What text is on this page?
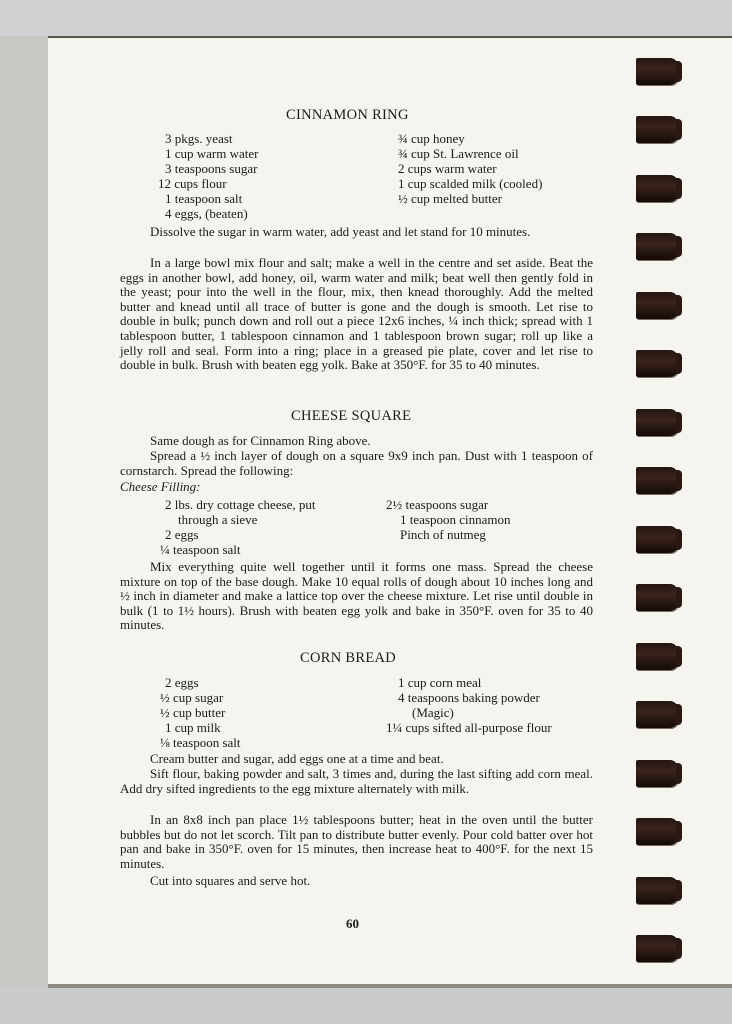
CINNAMON RING
3 pkgs. yeast
1 cup warm water
3 teaspoons sugar
12 cups flour
1 teaspoon salt
4 eggs, (beaten)
¾ cup honey
¾ cup St. Lawrence oil
2 cups warm water
1 cup scalded milk (cooled)
½ cup melted butter
Dissolve the sugar in warm water, add yeast and let stand for 10 minutes.
In a large bowl mix flour and salt; make a well in the centre and set aside. Beat the eggs in another bowl, add honey, oil, warm water and milk; beat well then gently fold in the yeast; pour into the well in the flour, mix, then knead thoroughly. Add the melted butter and knead until all trace of butter is gone and the dough is smooth. Let rise to double in bulk; punch down and roll out a piece 12x6 inches, ¼ inch thick; spread with 1 tablespoon butter, 1 tablespoon cinnamon and 1 tablespoon brown sugar; roll up like a jelly roll and seal. Form into a ring; place in a greased pie plate, cover and let rise to double in bulk. Brush with beaten egg yolk. Bake at 350°F. for 35 to 40 minutes.
CHEESE SQUARE
Same dough as for Cinnamon Ring above.
Spread a ½ inch layer of dough on a square 9x9 inch pan. Dust with 1 teaspoon of cornstarch. Spread the following:
Cheese Filling:
2 lbs. dry cottage cheese, put
through a sieve
2 eggs
¼ teaspoon salt
2½ teaspoons sugar
1 teaspoon cinnamon
Pinch of nutmeg
Mix everything quite well together until it forms one mass. Spread the cheese mixture on top of the base dough. Make 10 equal rolls of dough about 10 inches long and ½ inch in diameter and make a lattice top over the cheese mixture. Let rise until double in bulk (1 to 1½ hours). Brush with beaten egg yolk and bake in 350°F. oven for 35 to 40 minutes.
CORN BREAD
2 eggs
½ cup sugar
½ cup butter
1 cup milk
⅛ teaspoon salt
1 cup corn meal
4 teaspoons baking powder
(Magic)
1¼ cups sifted all-purpose flour
Cream butter and sugar, add eggs one at a time and beat.
Sift flour, baking powder and salt, 3 times and, during the last sifting add corn meal. Add dry sifted ingredients to the egg mixture alternately with milk.
In an 8x8 inch pan place 1½ tablespoons butter; heat in the oven until the butter bubbles but do not let scorch. Tilt pan to distribute butter evenly. Pour cold batter over hot pan and bake in 350°F. oven for 15 minutes, then increase heat to 400°F. for the next 15 minutes.
Cut into squares and serve hot.
60
